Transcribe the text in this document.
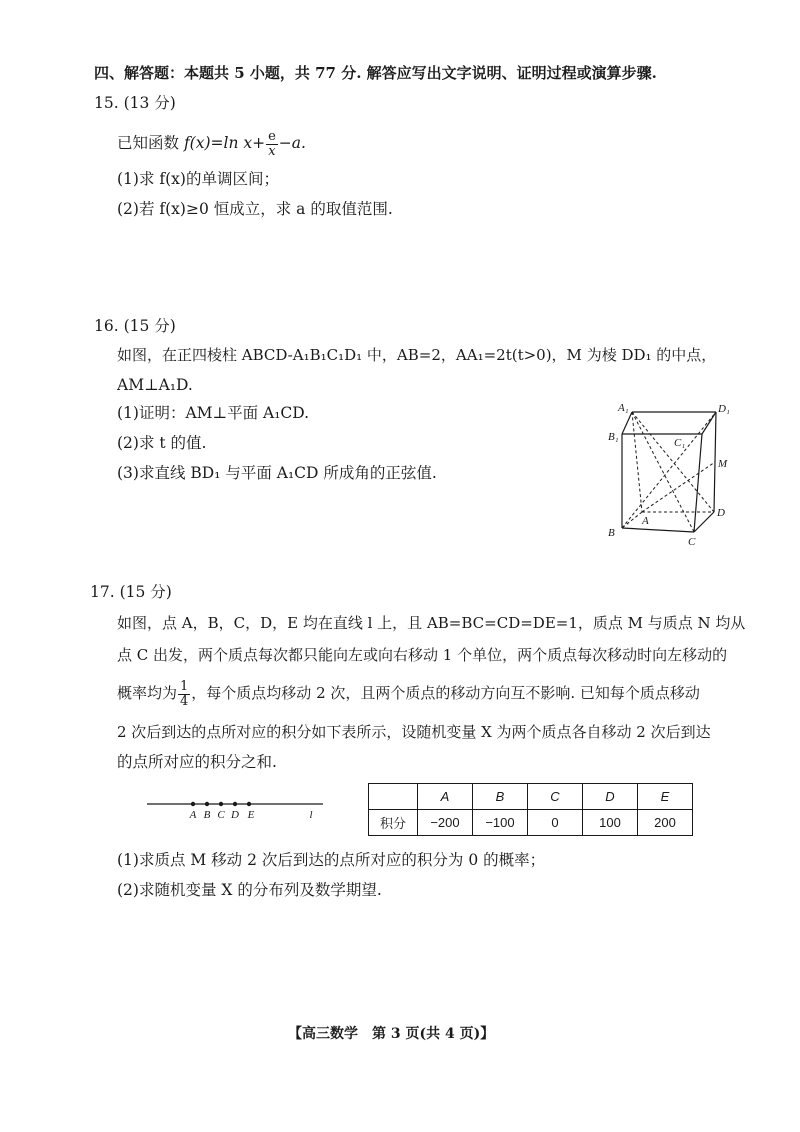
四、解答题：本题共 5 小题，共 77 分. 解答应写出文字说明、证明过程或演算步骤.
15. (13 分)
已知函数 f(x)=ln $x+ \frac{e}{x} -a$.
(1)求 f(x)的单调区间；
(2)若 f(x)≥0 恒成立，求 a 的取值范围.
16. (15 分)
如图，在正四棱柱 ABCD-A₁B₁C₁D₁ 中，AB=2，AA₁=2t(t>0)，M 为棱 DD₁ 的中点，
AM⊥A₁D.
(1)证明：AM⊥平面 A₁CD.
(2)求 t 的值.
(3)求直线 BD₁ 与平面 A₁CD 所成角的正弦值.
A₁	D₁
B₁	C₁
M
A
B
C
D
17. (15 分)
如图，点 A，B，C，D，E 均在直线 l 上，且 AB=BC=CD=DE=1，质点 M 与质点 N 均从
点 C 出发，两个质点每次都只能向左或向右移动 1 个单位，两个质点每次移动时向左移动的
概率均为 $\frac{1}{4}$ ，每个质点均移动 2 次，且两个质点的移动方向互不影响. 已知每个质点移动
2 次后到达的点所对应的积分如下表所示，设随机变量 X 为两个质点各自移动 2 次后到达
的点所对应的积分之和.
A B C D E	l
	A	B	C	D	E
积分	−200	−100	0	100	200
(1)求质点 M 移动 2 次后到达的点所对应的积分为 0 的概率；
(2)求随机变量 X 的分布列及数学期望.
【高三数学　第 3 页(共 4 页)】
